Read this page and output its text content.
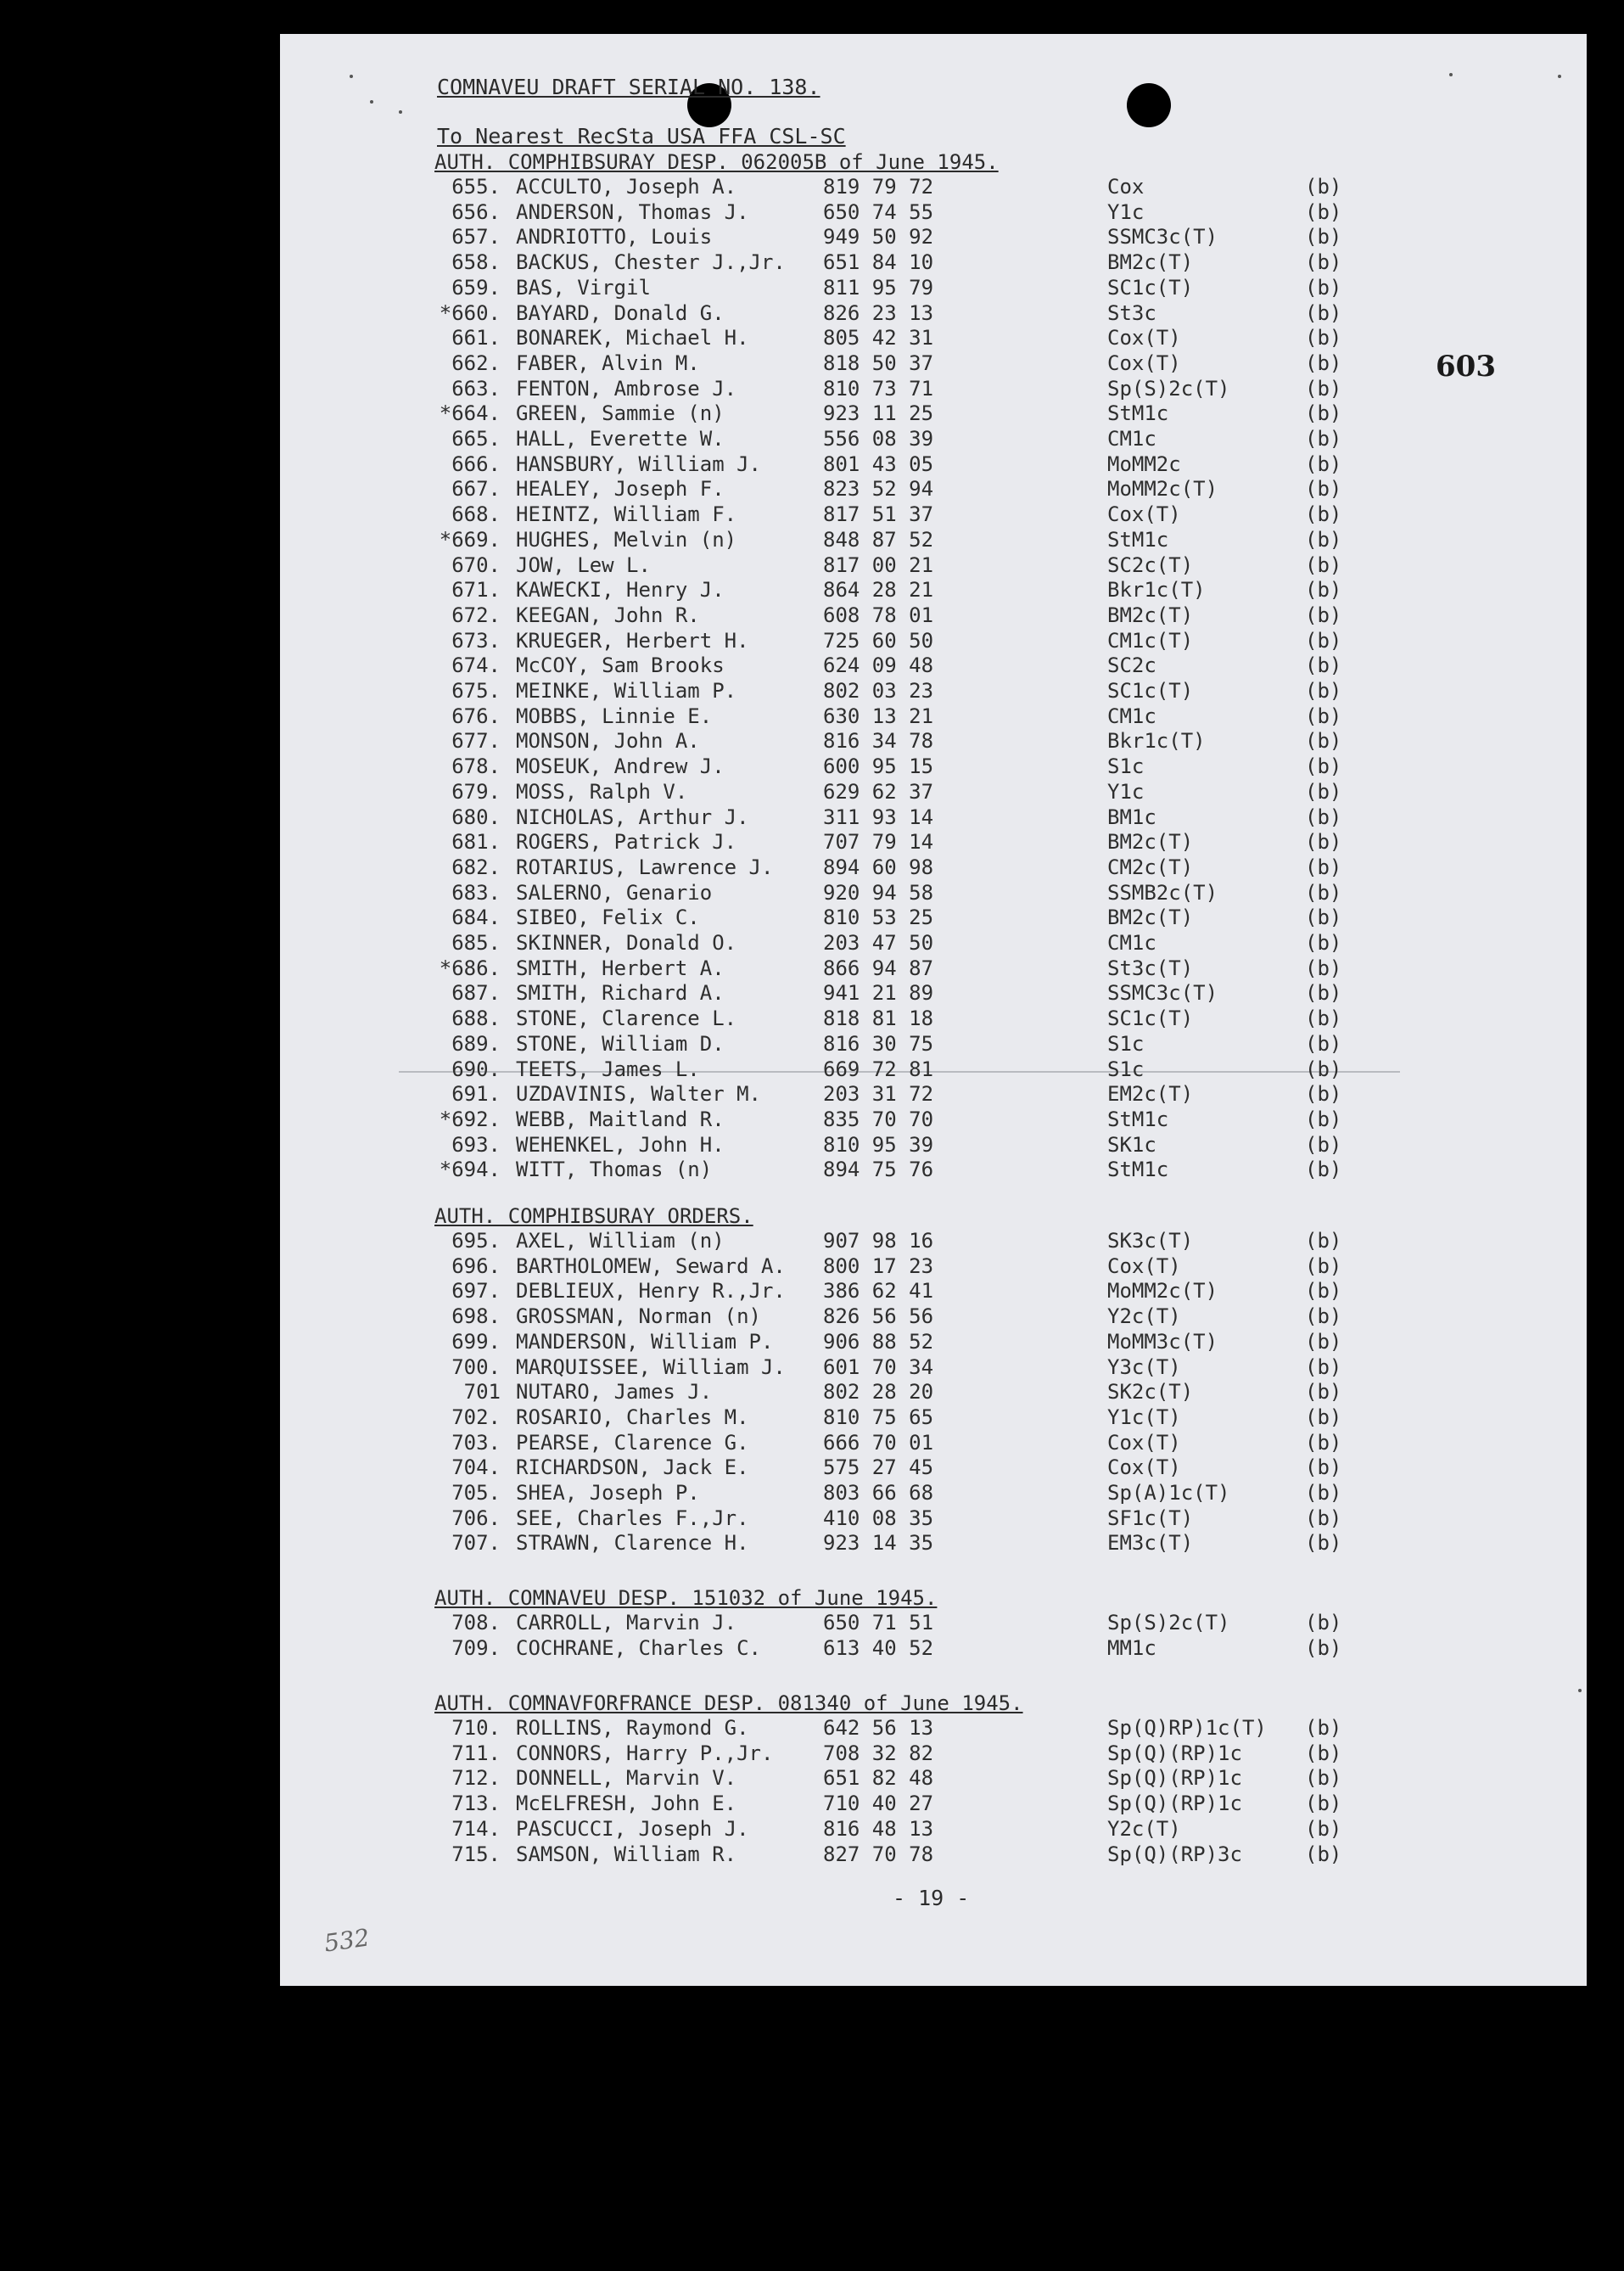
COMNAVEU DRAFT SERIAL NO. 138.
To Nearest RecSta USA FFA CSL-SC
603
AUTH. COMPHIBSURAY DESP. 062005B of June 1945.
655. ACCULTO, Joseph A.	819 79 72	Cox	(b)
656. ANDERSON, Thomas J.	650 74 55	Y1c	(b)
657. ANDRIOTTO, Louis	949 50 92	SSMC3c(T)	(b)
658. BACKUS, Chester J.,Jr. 651 84 10	BM2c(T)	(b)
659. BAS, Virgil	811 95 79	SC1c(T)	(b)
*660. BAYARD, Donald G.	826 23 13	St3c	(b)
661. BONAREK, Michael H.	805 42 31	Cox(T)	(b)
662. FABER, Alvin M.	818 50 37	Cox(T)	(b)
663. FENTON, Ambrose J.	810 73 71	Sp(S)2c(T)	(b)
*664. GREEN, Sammie (n)	923 11 25	StM1c	(b)
665. HALL, Everette W.	556 08 39	CM1c	(b)
666. HANSBURY, William J.	801 43 05	MoMM2c	(b)
667. HEALEY, Joseph F.	823 52 94	MoMM2c(T)	(b)
668. HEINTZ, William F.	817 51 37	Cox(T)	(b)
*669. HUGHES, Melvin (n)	848 87 52	StM1c	(b)
670. JOW, Lew L.	817 00 21	SC2c(T)	(b)
671. KAWECKI, Henry J.	864 28 21	Bkr1c(T)	(b)
672. KEEGAN, John R.	608 78 01	BM2c(T)	(b)
673. KRUEGER, Herbert H.	725 60 50	CM1c(T)	(b)
674. McCOY, Sam Brooks	624 09 48	SC2c	(b)
675. MEINKE, William P.	802 03 23	SC1c(T)	(b)
676. MOBBS, Linnie E.	630 13 21	CM1c	(b)
677. MONSON, John A.	816 34 78	Bkr1c(T)	(b)
678. MOSEUK, Andrew J.	600 95 15	S1c	(b)
679. MOSS, Ralph V.	629 62 37	Y1c	(b)
680. NICHOLAS, Arthur J.	311 93 14	BM1c	(b)
681. ROGERS, Patrick J.	707 79 14	BM2c(T)	(b)
682. ROTARIUS, Lawrence J. 894 60 98	CM2c(T)	(b)
683. SALERNO, Genario	920 94 58	SSMB2c(T)	(b)
684. SIBEO, Felix C.	810 53 25	BM2c(T)	(b)
685. SKINNER, Donald O.	203 47 50	CM1c	(b)
*686. SMITH, Herbert A.	866 94 87	St3c(T)	(b)
687. SMITH, Richard A.	941 21 89	SSMC3c(T)	(b)
688. STONE, Clarence L.	818 81 18	SC1c(T)	(b)
689. STONE, William D.	816 30 75	S1c	(b)
690. TEETS, James L.	669 72 81	S1c	(b)
691. UZDAVINIS, Walter M.	203 31 72	EM2c(T)	(b)
*692. WEBB, Maitland R.	835 70 70	StM1c	(b)
693. WEHENKEL, John H.	810 95 39	SK1c	(b)
*694. WITT, Thomas (n)	894 75 76	StM1c	(b)
AUTH. COMPHIBSURAY ORDERS.
695. AXEL, William (n)	907 98 16	SK3c(T)	(b)
696. BARTHOLOMEW, Seward A. 800 17 23	Cox(T)	(b)
697. DEBLIEUX, Henry R.,Jr. 386 62 41	MoMM2c(T)	(b)
698. GROSSMAN, Norman (n)	826 56 56	Y2c(T)	(b)
699. MANDERSON, William P. 906 88 52	MoMM3c(T)	(b)
700. MARQUISSEE, William J. 601 70 34	Y3c(T)	(b)
701 NUTARO, James J.	802 28 20	SK2c(T)	(b)
702. ROSARIO, Charles M.	810 75 65	Y1c(T)	(b)
703. PEARSE, Clarence G.	666 70 01	Cox(T)	(b)
704. RICHARDSON, Jack E.	575 27 45	Cox(T)	(b)
705. SHEA, Joseph P.	803 66 68	Sp(A)1c(T)	(b)
706. SEE, Charles F.,Jr.	410 08 35	SF1c(T)	(b)
707. STRAWN, Clarence H.	923 14 35	EM3c(T)	(b)
AUTH. COMNAVEU DESP. 151032 of June 1945.
708. CARROLL, Marvin J.	650 71 51	Sp(S)2c(T)	(b)
709. COCHRANE, Charles C.	613 40 52	MM1c	(b)
AUTH. COMNAVFORFRANCE DESP. 081340 of June 1945.
710. ROLLINS, Raymond G.	642 56 13	Sp(Q)RP)1c(T) (b)
711. CONNORS, Harry P.,Jr. 708 32 82	Sp(Q)(RP)1c	(b)
712. DONNELL, Marvin V.	651 82 48	Sp(Q)(RP)1c	(b)
713. McELFRESH, John E.	710 40 27	Sp(Q)(RP)1c	(b)
714. PASCUCCI, Joseph J.	816 48 13	Y2c(T)	(b)
715. SAMSON, William R.	827 70 78	Sp(Q)(RP)3c	(b)
- 19 -
532
